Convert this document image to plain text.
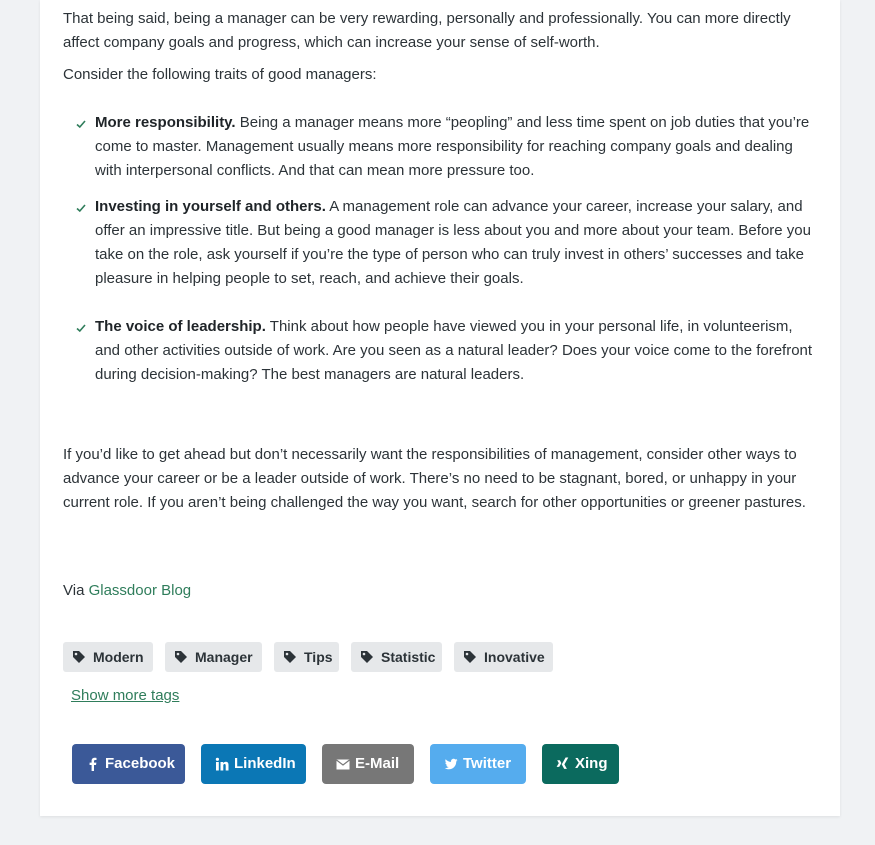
That being said, being a manager can be very rewarding, personally and professionally. You can more directly affect company goals and progress, which can increase your sense of self-worth.

Consider the following traits of good managers:

More responsibility. Being a manager means more “peopling” and less time spent on job duties that you’re come to master. Management usually means more responsibility for reaching company goals and dealing with interpersonal conflicts. And that can mean more pressure too.

Investing in yourself and others. A management role can advance your career, increase your salary, and offer an impressive title. But being a good manager is less about you and more about your team. Before you take on the role, ask yourself if you’re the type of person who can truly invest in others’ successes and take pleasure in helping people to set, reach, and achieve their goals.

The voice of leadership. Think about how people have viewed you in your personal life, in volunteerism, and other activities outside of work. Are you seen as a natural leader? Does your voice come to the forefront during decision-making? The best managers are natural leaders.

If you’d like to get ahead but don’t necessarily want the responsibilities of management, consider other ways to advance your career or be a leader outside of work. There’s no need to be stagnant, bored, or unhappy in your current role. If you aren’t being challenged the way you want, search for other opportunities or greener pastures.

Via Glassdoor Blog

Modern	Manager	Tips	Statistic	Inovative
Show more tags
Facebook	LinkedIn	E-Mail	Twitter	Xing
